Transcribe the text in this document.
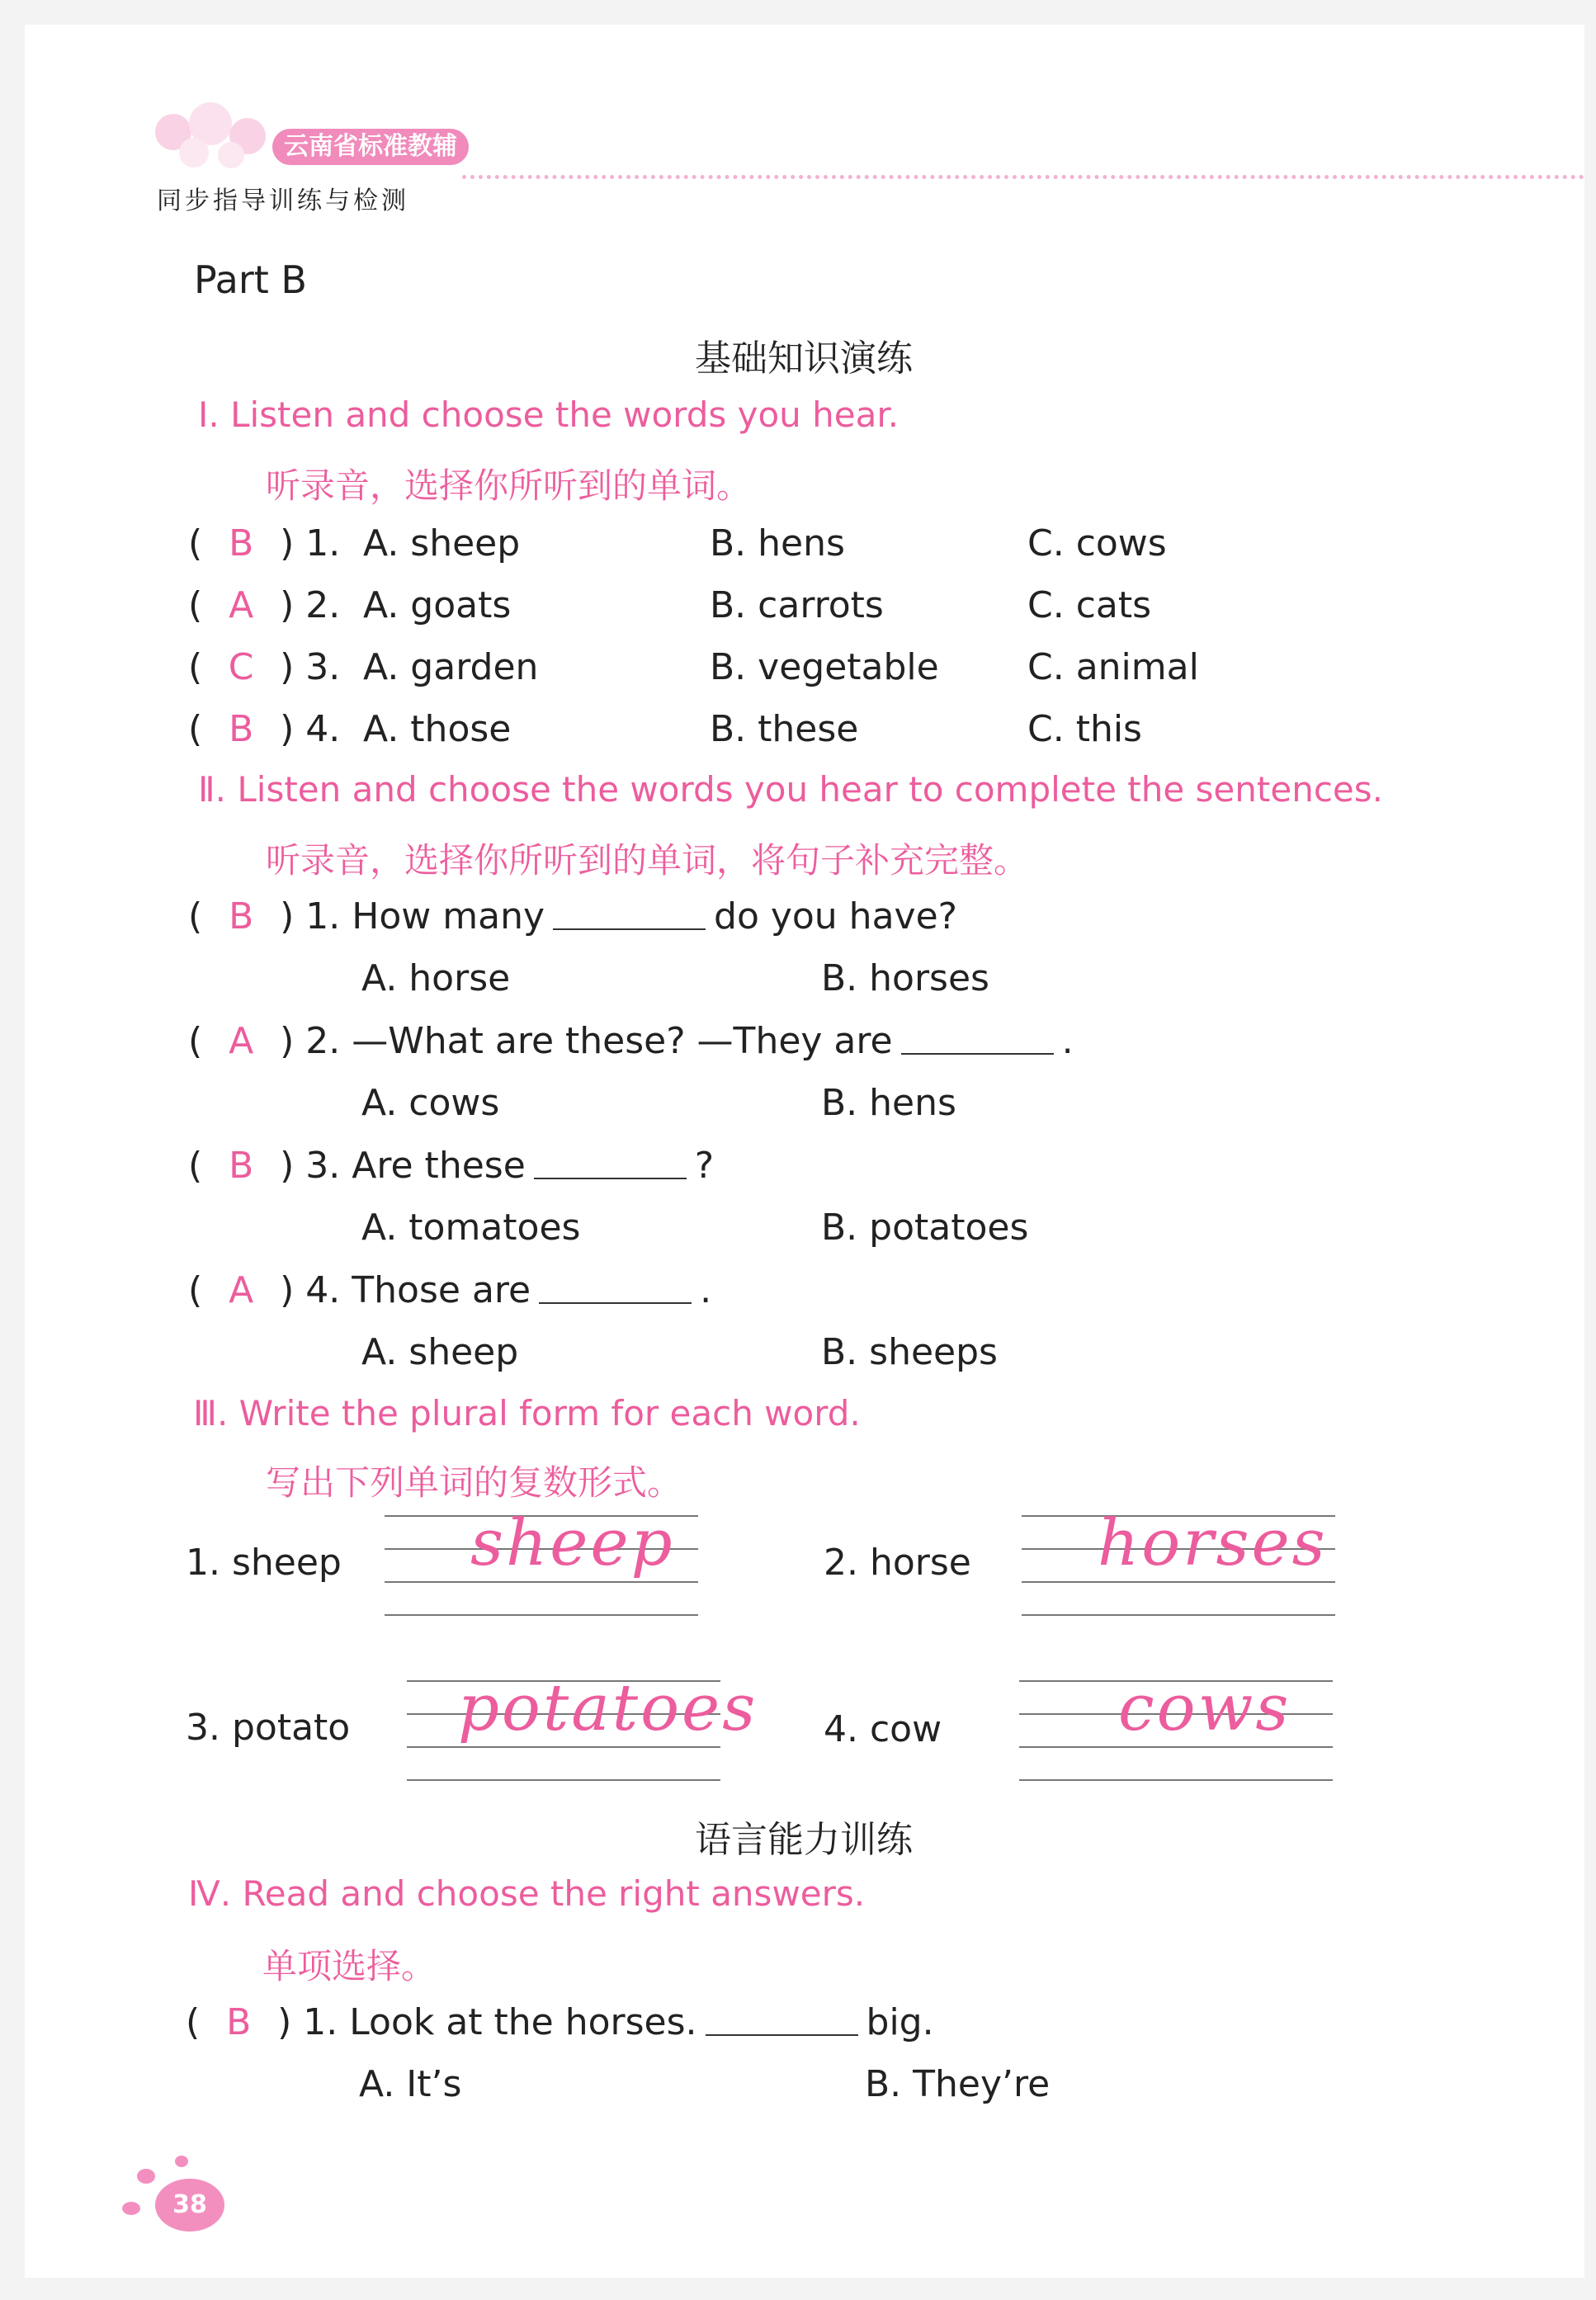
云南省标准教辅
同步指导训练与检测
Part B
基础知识演练
Ⅰ. Listen and choose the words you hear.
听录音，选择你所听到的单词。
( B ) 1. A. sheep	B. hens	C. cows
( A ) 2. A. goats	B. carrots	C. cats
( C ) 3. A. garden	B. vegetable C. animal
( B ) 4. A. those	B. these	C. this
Ⅱ. Listen and choose the words you hear to complete the sentences.
听录音，选择你所听到的单词，将句子补充完整。
( B ) 1. How many	do you have?
A. horse	B. horses
( A ) 2. —What are these? —They are	.
A. cows	B. hens
( B ) 3. Are these	?
A. tomatoes	B. potatoes
( A ) 4. Those are	.
A. sheep	B. sheeps
Ⅲ. Write the plural form for each word.
写出下列单词的复数形式。
1. sheep sheep	2. horse horses
3. potato potatoes 4. cow	cows
语言能力训练
Ⅳ. Read and choose the right answers.
单项选择。
( B ) 1. Look at the horses.	big.
A. It’s	B. They’re
38
